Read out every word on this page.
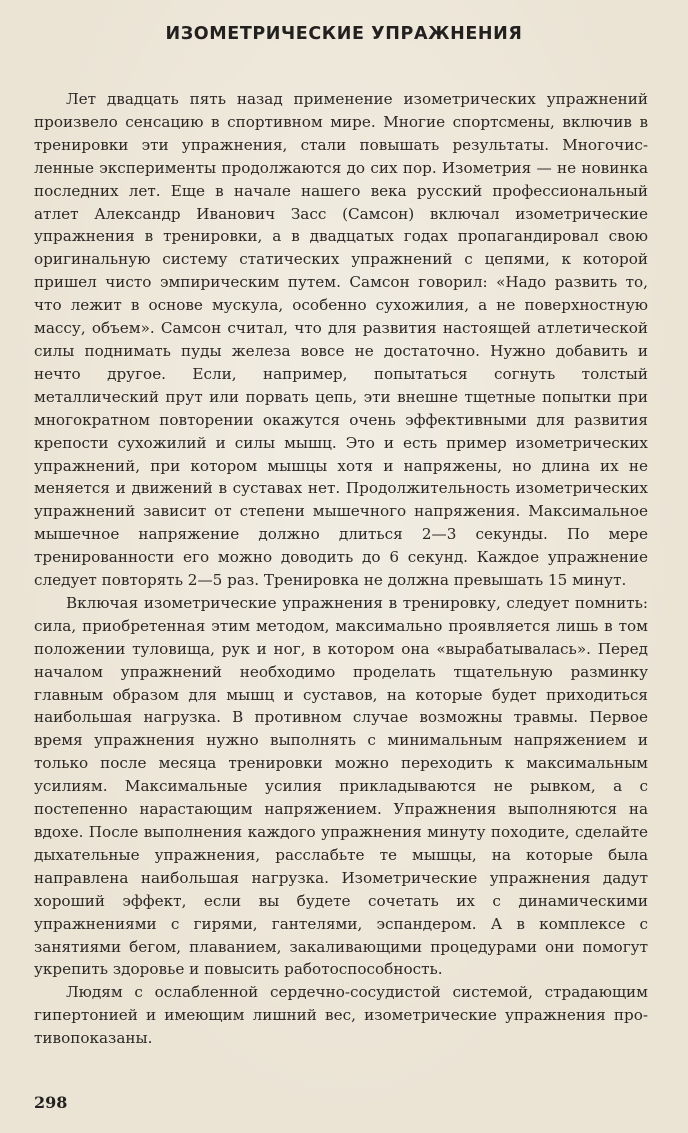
ИЗОМЕТРИЧЕСКИЕ УПРАЖНЕНИЯ

Лет двадцать пять назад применение изометрических упражнений произвело сенсацию в спортивном мире. Многие спортсмены, включив в тренировки эти упражнения, стали повышать результаты. Многочисленные эксперименты продолжаются до сих пор. Изометрия — не новинка последних лет. Еще в начале нашего века русский профессиональный атлет Александр Иванович Засс (Самсон) включал изометрические упражнения в тренировки, а в двадцатых годах пропагандировал свою оригинальную систему статических упражнений с цепями, к которой пришел чисто эмпирическим путем. Самсон говорил: «Надо развить то, что лежит в основе мускула, особенно сухожилия, а не поверхностную массу, объем». Самсон считал, что для развития настоящей атлетической силы поднимать пуды железа вовсе не достаточно. Нужно добавить и нечто другое. Если, например, попытаться согнуть толстый металлический прут или порвать цепь, эти внешне тщетные попытки при многократном повторении окажутся очень эффективными для развития крепости сухожилий и силы мышц. Это и есть пример изометрических упражнений, при котором мышцы хотя и напряжены, но длина их не меняется и движений в суставах нет. Продолжительность изометрических упражнений зависит от степени мышечного напряжения. Максимальное мышечное напряжение должно длиться 2—3 секунды. По мере тренированности его можно доводить до 6 секунд. Каждое упражнение следует повторять 2—5 раз. Тренировка не должна превышать 15 минут.

Включая изометрические упражнения в тренировку, следует помнить: сила, приобретенная этим методом, максимально проявляется лишь в том положении туловища, рук и ног, в котором она «вырабатывалась». Перед началом упражнений необходимо проделать тщательную разминку главным образом для мышц и суставов, на которые будет приходиться наибольшая нагрузка. В противном случае возможны травмы. Первое время упражнения нужно выполнять с минимальным напряжением и только после месяца тренировки можно переходить к максимальным усилиям. Максимальные усилия прикладываются не рывком, а с постепенно нарастающим напряжением. Упражнения выполняются на вдохе. После выполнения каждого упражнения минуту походите, сделайте дыхательные упражнения, расслабьте те мышцы, на которые была направлена наибольшая нагрузка. Изометрические упражнения дадут хороший эффект, если вы будете сочетать их с динамическими упражнениями с гирями, гантелями, эспандером. А в комплексе с занятиями бегом, плаванием, закаливающими процедурами они помогут укрепить здоровье и повысить работоспособность.

Людям с ослабленной сердечно-сосудистой системой, страдающим гипертонией и имеющим лишний вес, изометрические упражнения противопоказаны.

298
